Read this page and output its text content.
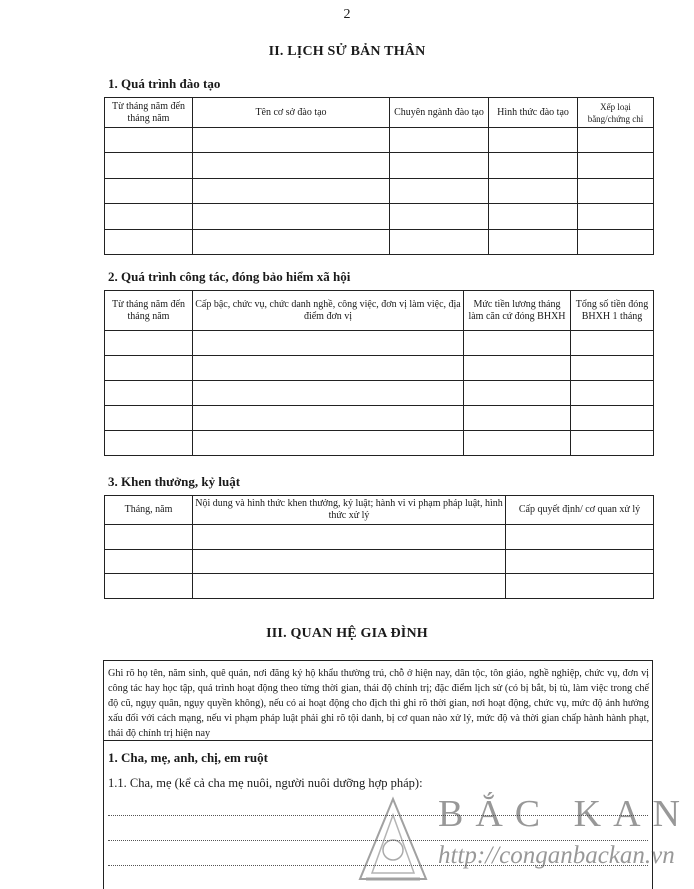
2
II. LỊCH SỬ BẢN THÂN
1. Quá trình đào tạo
Từ tháng năm đến tháng năm	Tên cơ sở đào tạo	Chuyên ngành đào tạo	Hình thức đào tạo	Xếp loại bằng/chứng chỉ

2. Quá trình công tác, đóng bảo hiểm xã hội
Từ tháng năm đến tháng năm	Cấp bậc, chức vụ, chức danh nghề, công việc, đơn vị làm việc, địa điểm đơn vị	Mức tiền lương tháng làm căn cứ đóng BHXH	Tổng số tiền đóng BHXH 1 tháng

3. Khen thưởng, kỷ luật
Tháng, năm	Nội dung và hình thức khen thưởng, kỷ luật; hành vi vi phạm pháp luật, hình thức xử lý	Cấp quyết định/ cơ quan xử lý

III. QUAN HỆ GIA ĐÌNH
Ghi rõ họ tên, năm sinh, quê quán, nơi đăng ký hộ khẩu thường trú, chỗ ở hiện nay, dân tộc, tôn giáo, nghề nghiệp, chức vụ, đơn vị công tác hay học tập, quá trình hoạt động theo từng thời gian, thái độ chính trị; đặc điểm lịch sử (có bị bắt, bị tù, làm việc trong chế độ cũ, ngụy quân, ngụy quyền không), nếu có ai hoạt động cho địch thì ghi rõ thời gian, nơi hoạt động, chức vụ, mức độ ảnh hưởng xấu đối với cách mạng, nếu vi phạm pháp luật phải ghi rõ tội danh, bị cơ quan nào xử lý, mức độ và thời gian chấp hành hành phạt, thái độ chính trị hiện nay
1. Cha, mẹ, anh, chị, em ruột
1.1. Cha, mẹ (kể cả cha mẹ nuôi, người nuôi dưỡng hợp pháp):
BẮC KAN
http://conganbackan.vn
